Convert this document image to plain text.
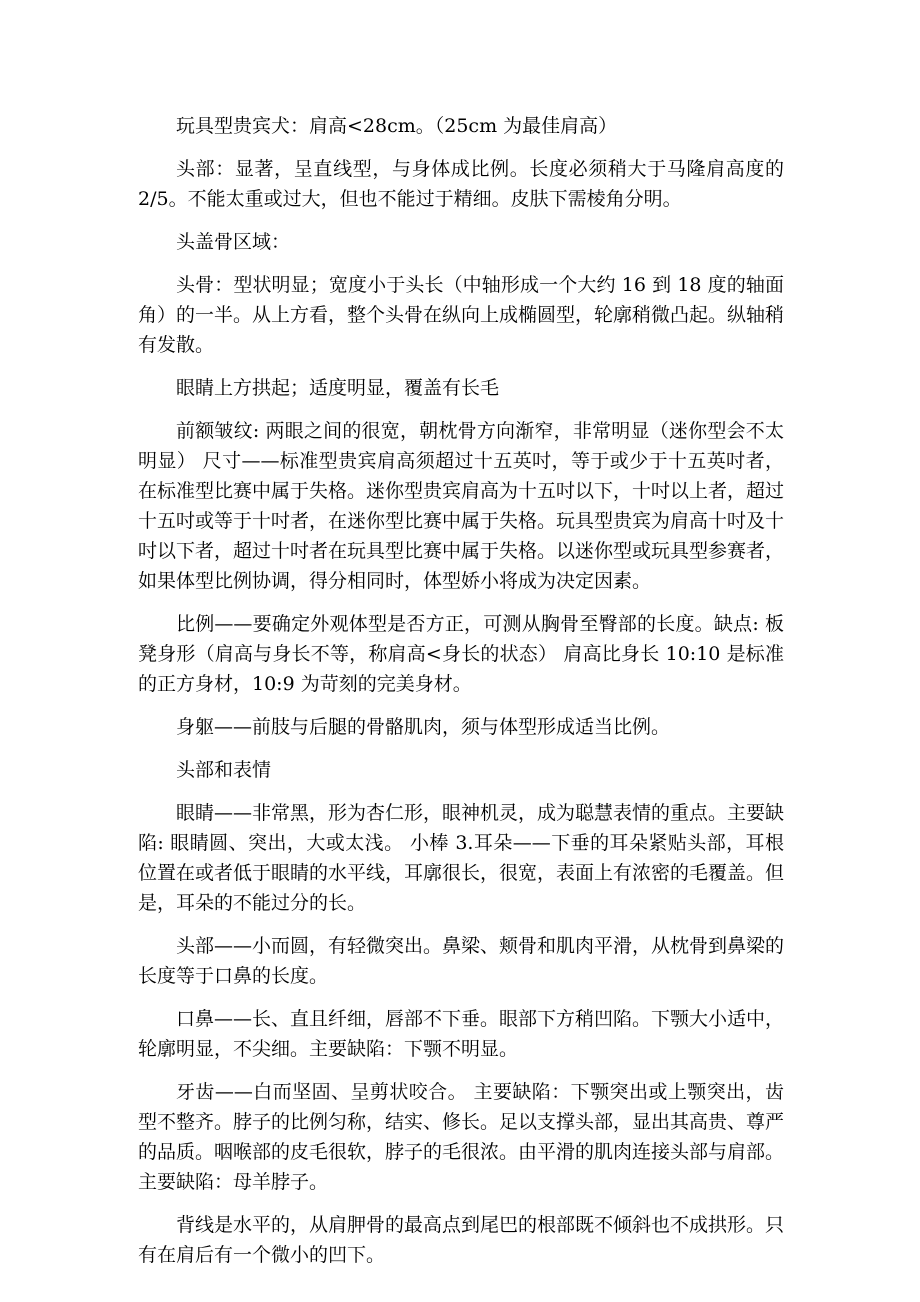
玩具型贵宾犬：肩高<28cm。（25cm 为最佳肩高）

头部：显著，呈直线型，与身体成比例。长度必须稍大于马隆肩高度的 2/5。不能太重或过大，但也不能过于精细。皮肤下需棱角分明。

头盖骨区域：

头骨：型状明显；宽度小于头长（中轴形成一个大约 16 到 18 度的轴面角）的一半。从上方看，整个头骨在纵向上成椭圆型，轮廓稍微凸起。纵轴稍有发散。

眼睛上方拱起；适度明显，覆盖有长毛

前额皱纹: 两眼之间的很宽，朝枕骨方向渐窄，非常明显（迷你型会不太明显） 尺寸——标准型贵宾肩高须超过十五英吋，等于或少于十五英吋者，在标准型比赛中属于失格。迷你型贵宾肩高为十五吋以下，十吋以上者，超过十五吋或等于十吋者，在迷你型比赛中属于失格。玩具型贵宾为肩高十吋及十吋以下者，超过十吋者在玩具型比赛中属于失格。以迷你型或玩具型参赛者，如果体型比例协调，得分相同时，体型娇小将成为决定因素。

比例——要确定外观体型是否方正，可测从胸骨至臀部的长度。缺点: 板凳身形（肩高与身长不等，称肩高<身长的状态） 肩高比身长 10:10 是标准的正方身材，10:9 为苛刻的完美身材。

身躯——前肢与后腿的骨骼肌肉，须与体型形成适当比例。

头部和表情

眼睛——非常黑，形为杏仁形，眼神机灵，成为聪慧表情的重点。主要缺陷: 眼睛圆、突出，大或太浅。 小棒 3.耳朵——下垂的耳朵紧贴头部，耳根位置在或者低于眼睛的水平线，耳廓很长，很宽，表面上有浓密的毛覆盖。但是，耳朵的不能过分的长。

头部——小而圆，有轻微突出。鼻梁、颊骨和肌肉平滑，从枕骨到鼻梁的长度等于口鼻的长度。

口鼻——长、直且纤细，唇部不下垂。眼部下方稍凹陷。下颚大小适中，轮廓明显，不尖细。主要缺陷：下颚不明显。

牙齿——白而坚固、呈剪状咬合。 主要缺陷：下颚突出或上颚突出，齿型不整齐。脖子的比例匀称，结实、修长。足以支撑头部，显出其高贵、尊严的品质。咽喉部的皮毛很软，脖子的毛很浓。由平滑的肌肉连接头部与肩部。主要缺陷：母羊脖子。

背线是水平的，从肩胛骨的最高点到尾巴的根部既不倾斜也不成拱形。只有在肩后有一个微小的凹下。
